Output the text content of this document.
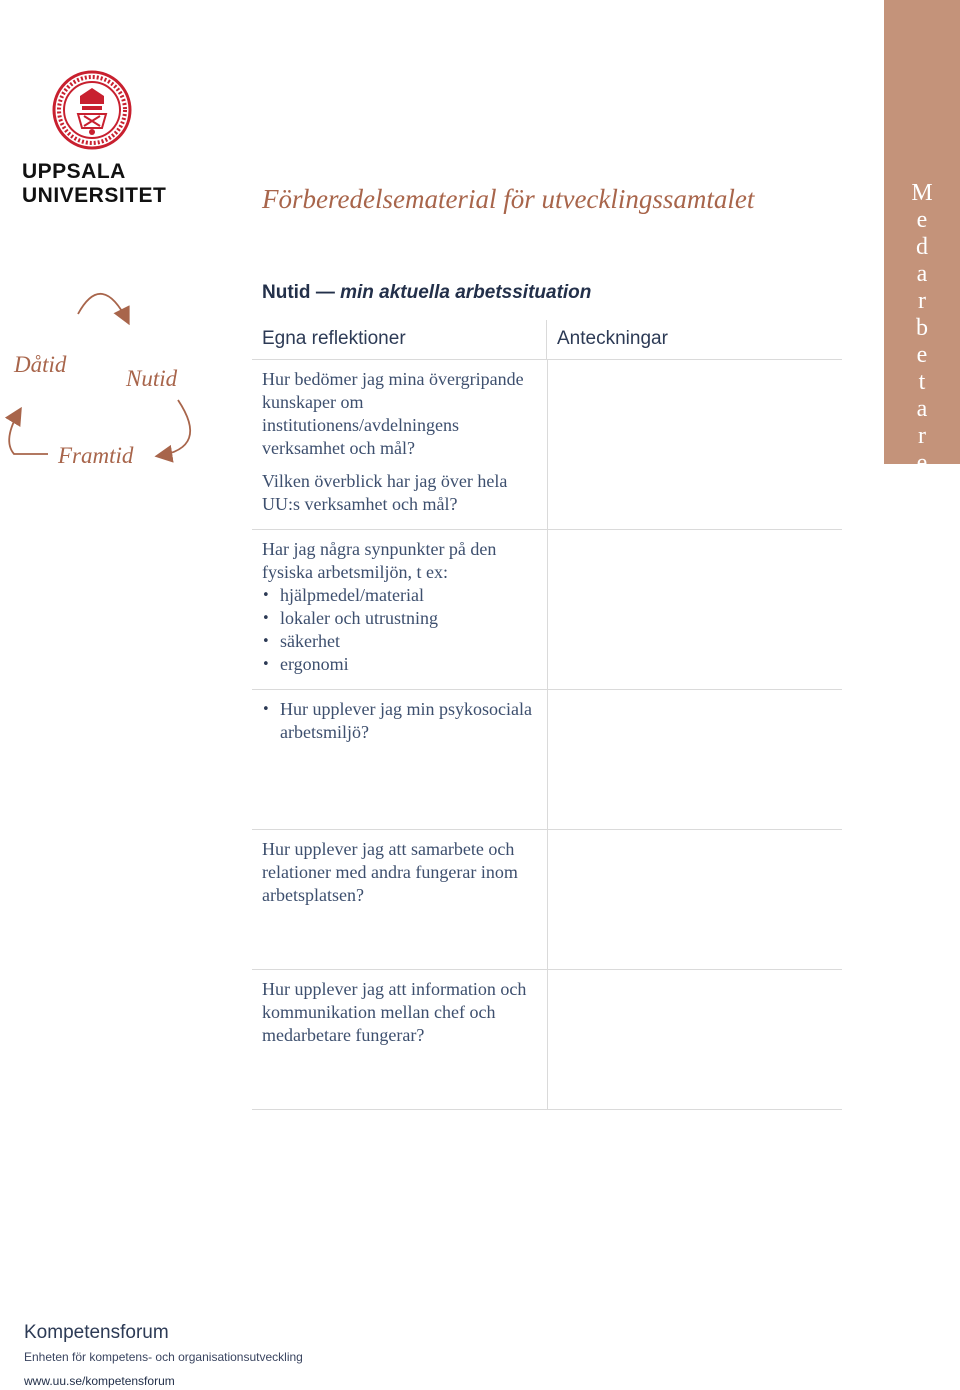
UPPSALA
UNIVERSITET	Förberedelsematerial för utvecklingssamtalet
Dåtid
Nutid
Framtid
Nutid — min aktuella arbetssituation
Egna reflektioner	Anteckningar

Hur bedömer jag mina övergripande kunskaper om institutionens/avdelningens verksamhet och mål?

Vilken överblick har jag över hela UU:s verksamhet och mål?

Har jag några synpunkter på den fysiska arbetsmiljön, t ex:

• hjälpmedel/material
• lokaler och utrustning
• säkerhet
• ergonomi
• Hur upplever jag min psykosociala arbetsmiljö?

Hur upplever jag att samarbete och relationer med andra fungerar inom arbetsplatsen?

Hur upplever jag att information och kommunikation mellan chef och medarbetare fungerar?

M
e
d
a
r
b
e
t
a
r
e
Kompetensforum
Enheten för kompetens- och organisationsutveckling
www.uu.se/kompetensforum
